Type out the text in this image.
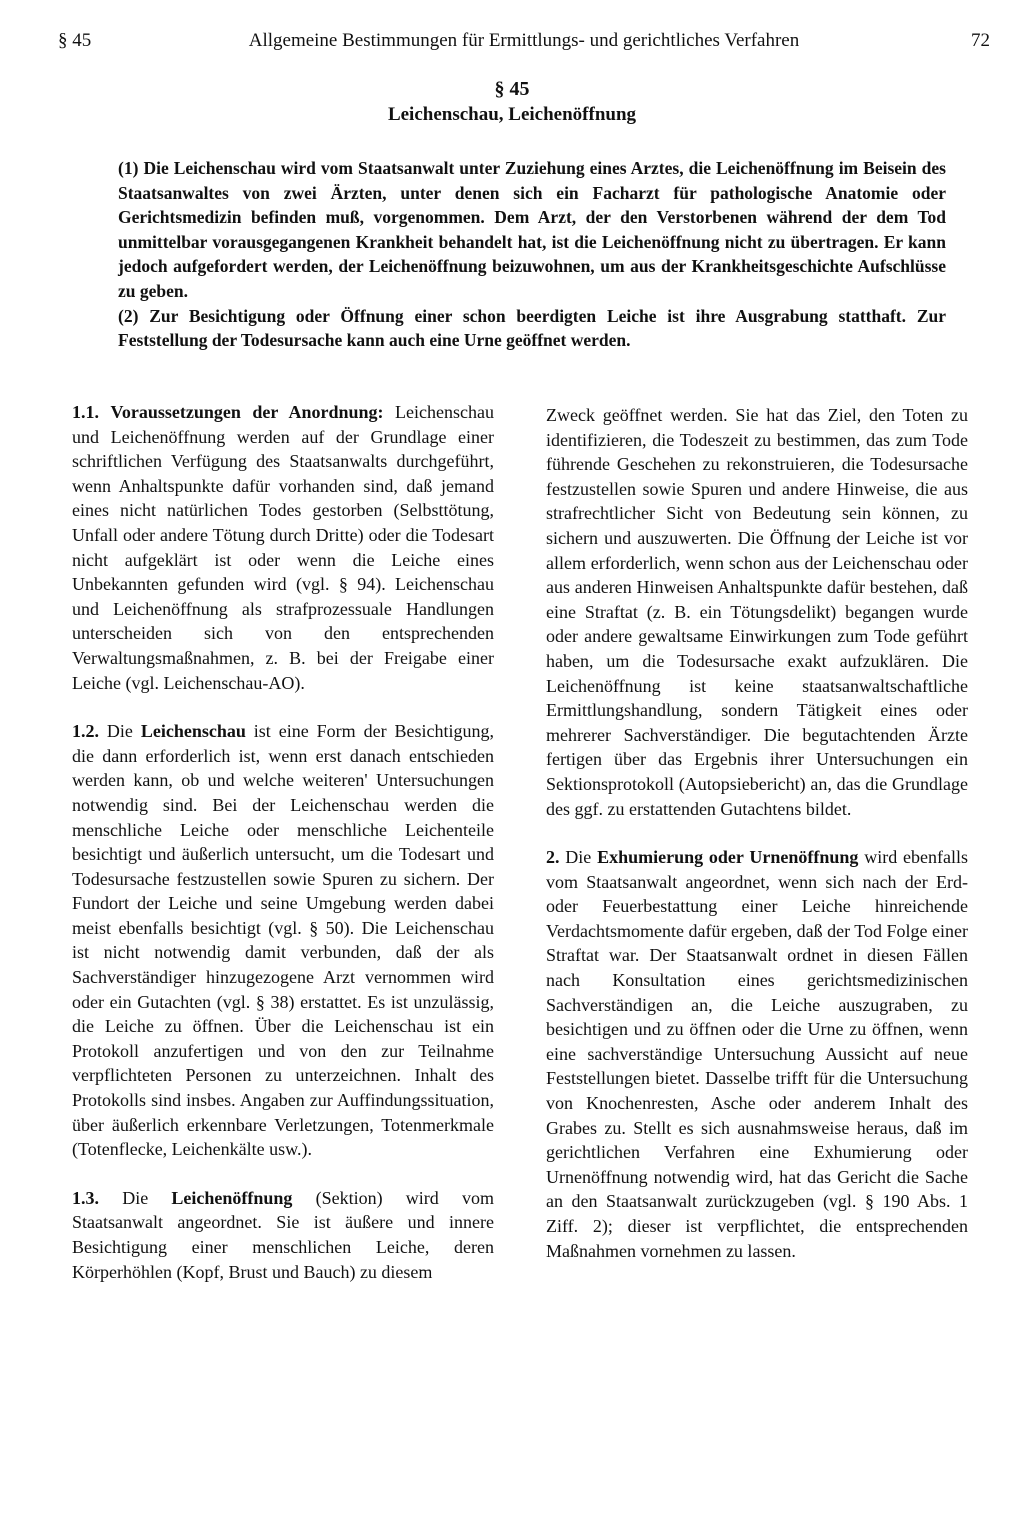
§ 45	Allgemeine Bestimmungen für Ermittlungs- und gerichtliches Verfahren	72
§ 45
Leichenschau, Leichenöffnung

(1) Die Leichenschau wird vom Staatsanwalt unter Zuziehung eines Arztes, die Leichenöffnung im Beisein des Staatsanwaltes von zwei Ärzten, unter denen sich ein Facharzt für pathologische Anatomie oder Gerichtsmedizin befinden muß, vorgenommen. Dem Arzt, der den Verstorbenen während der dem Tod unmittelbar vorausgegangenen Krankheit behandelt hat, ist die Leichenöffnung nicht zu übertragen. Er kann jedoch aufgefordert werden, der Leichenöffnung beizuwohnen, um aus der Krankheitsgeschichte Aufschlüsse zu geben.

(2) Zur Besichtigung oder Öffnung einer schon beerdigten Leiche ist ihre Ausgrabung statthaft. Zur Feststellung der Todesursache kann auch eine Urne geöffnet werden.

1.1. Voraussetzungen der Anordnung: Leichenschau und Leichenöffnung werden auf der Grundlage einer schriftlichen Verfügung des Staatsanwalts durchgeführt, wenn Anhaltspunkte dafür vorhanden sind, daß jemand eines nicht natürlichen Todes gestorben (Selbsttötung, Unfall oder andere Tötung durch Dritte) oder die Todesart nicht aufgeklärt ist oder wenn die Leiche eines Unbekannten gefunden wird (vgl. § 94). Leichenschau und Leichenöffnung als strafprozessuale Handlungen unterscheiden sich von den entsprechenden Verwaltungsmaßnahmen, z. B. bei der Freigabe einer Leiche (vgl. Leichenschau-AO).

1.2. Die Leichenschau ist eine Form der Besichtigung, die dann erforderlich ist, wenn erst danach entschieden werden kann, ob und welche weiteren' Untersuchungen notwendig sind. Bei der Leichenschau werden die menschliche Leiche oder menschliche Leichenteile besichtigt und äußerlich untersucht, um die Todesart und Todesursache festzustellen sowie Spuren zu sichern. Der Fundort der Leiche und seine Umgebung werden dabei meist ebenfalls besichtigt (vgl. § 50). Die Leichenschau ist nicht notwendig damit verbunden, daß der als Sachverständiger hinzugezogene Arzt vernommen wird oder ein Gutachten (vgl. § 38) erstattet. Es ist unzulässig, die Leiche zu öffnen. Über die Leichenschau ist ein Protokoll anzufertigen und von den zur Teilnahme verpflichteten Personen zu unterzeichnen. Inhalt des Protokolls sind insbes. Angaben zur Auffindungssituation, über äußerlich erkennbare Verletzungen, Totenmerkmale (Totenflecke, Leichenkälte usw.).

1.3. Die Leichenöffnung (Sektion) wird vom Staatsanwalt angeordnet. Sie ist äußere und innere Besichtigung einer menschlichen Leiche, deren Körperhöhlen (Kopf, Brust und Bauch) zu diesem

Zweck geöffnet werden. Sie hat das Ziel, den Toten zu identifizieren, die Todeszeit zu bestimmen, das zum Tode führende Geschehen zu rekonstruieren, die Todesursache festzustellen sowie Spuren und andere Hinweise, die aus strafrechtlicher Sicht von Bedeutung sein können, zu sichern und auszuwerten. Die Öffnung der Leiche ist vor allem erforderlich, wenn schon aus der Leichenschau oder aus anderen Hinweisen Anhaltspunkte dafür bestehen, daß eine Straftat (z. B. ein Tötungsdelikt) begangen wurde oder andere gewaltsame Einwirkungen zum Tode geführt haben, um die Todesursache exakt aufzuklären. Die Leichenöffnung ist keine staatsanwaltschaftliche Ermittlungshandlung, sondern Tätigkeit eines oder mehrerer Sachverständiger. Die begutachtenden Ärzte fertigen über das Ergebnis ihrer Untersuchungen ein Sektionsprotokoll (Autopsiebericht) an, das die Grundlage des ggf. zu erstattenden Gutachtens bildet.

2. Die Exhumierung oder Urnenöffnung wird ebenfalls vom Staatsanwalt angeordnet, wenn sich nach der Erd- oder Feuerbestattung einer Leiche hinreichende Verdachtsmomente dafür ergeben, daß der Tod Folge einer Straftat war. Der Staatsanwalt ordnet in diesen Fällen nach Konsultation eines gerichtsmedizinischen Sachverständigen an, die Leiche auszugraben, zu besichtigen und zu öffnen oder die Urne zu öffnen, wenn eine sachverständige Untersuchung Aussicht auf neue Feststellungen bietet. Dasselbe trifft für die Untersuchung von Knochenresten, Asche oder anderem Inhalt des Grabes zu. Stellt es sich ausnahmsweise heraus, daß im gerichtlichen Verfahren eine Exhumierung oder Urnenöffnung notwendig wird, hat das Gericht die Sache an den Staatsanwalt zurückzugeben (vgl. § 190 Abs. 1 Ziff. 2); dieser ist verpflichtet, die entsprechenden Maßnahmen vornehmen zu lassen.
